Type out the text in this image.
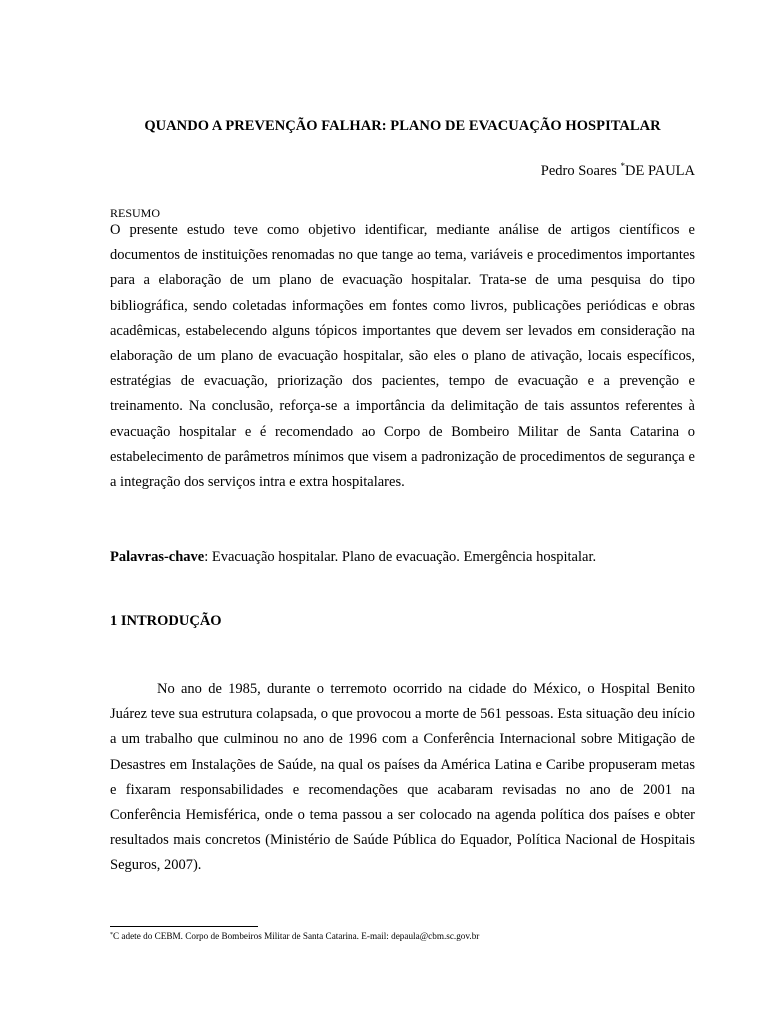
QUANDO A PREVENÇÃO FALHAR: PLANO DE EVACUAÇÃO HOSPITALAR
Pedro Soares *DE PAULA
RESUMO

O presente estudo teve como objetivo identificar, mediante análise de artigos científicos e documentos de instituições renomadas no que tange ao tema, variáveis e procedimentos importantes para a elaboração de um plano de evacuação hospitalar. Trata-se de uma pesquisa do tipo bibliográfica, sendo coletadas informações em fontes como livros, publicações periódicas e obras acadêmicas, estabelecendo alguns tópicos importantes que devem ser levados em consideração na elaboração de um plano de evacuação hospitalar, são eles o plano de ativação, locais específicos, estratégias de evacuação, priorização dos pacientes, tempo de evacuação e a prevenção e treinamento. Na conclusão, reforça-se a importância da delimitação de tais assuntos referentes à evacuação hospitalar e é recomendado ao Corpo de Bombeiro Militar de Santa Catarina o estabelecimento de parâmetros mínimos que visem a padronização de procedimentos de segurança e a integração dos serviços intra e extra hospitalares.

Palavras-chave: Evacuação hospitalar. Plano de evacuação. Emergência hospitalar.

1 INTRODUÇÃO

No ano de 1985, durante o terremoto ocorrido na cidade do México, o Hospital Benito Juárez teve sua estrutura colapsada, o que provocou a morte de 561 pessoas. Esta situação deu início a um trabalho que culminou no ano de 1996 com a Conferência Internacional sobre Mitigação de Desastres em Instalações de Saúde, na qual os países da América Latina e Caribe propuseram metas e fixaram responsabilidades e recomendações que acabaram revisadas no ano de 2001 na Conferência Hemisférica, onde o tema passou a ser colocado na agenda política dos países e obter resultados mais concretos (Ministério de Saúde Pública do Equador, Política Nacional de Hospitais Seguros, 2007).

*C adete do CEBM. Corpo de Bombeiros Militar de Santa Catarina. E-mail: depaula@cbm.sc.gov.br
